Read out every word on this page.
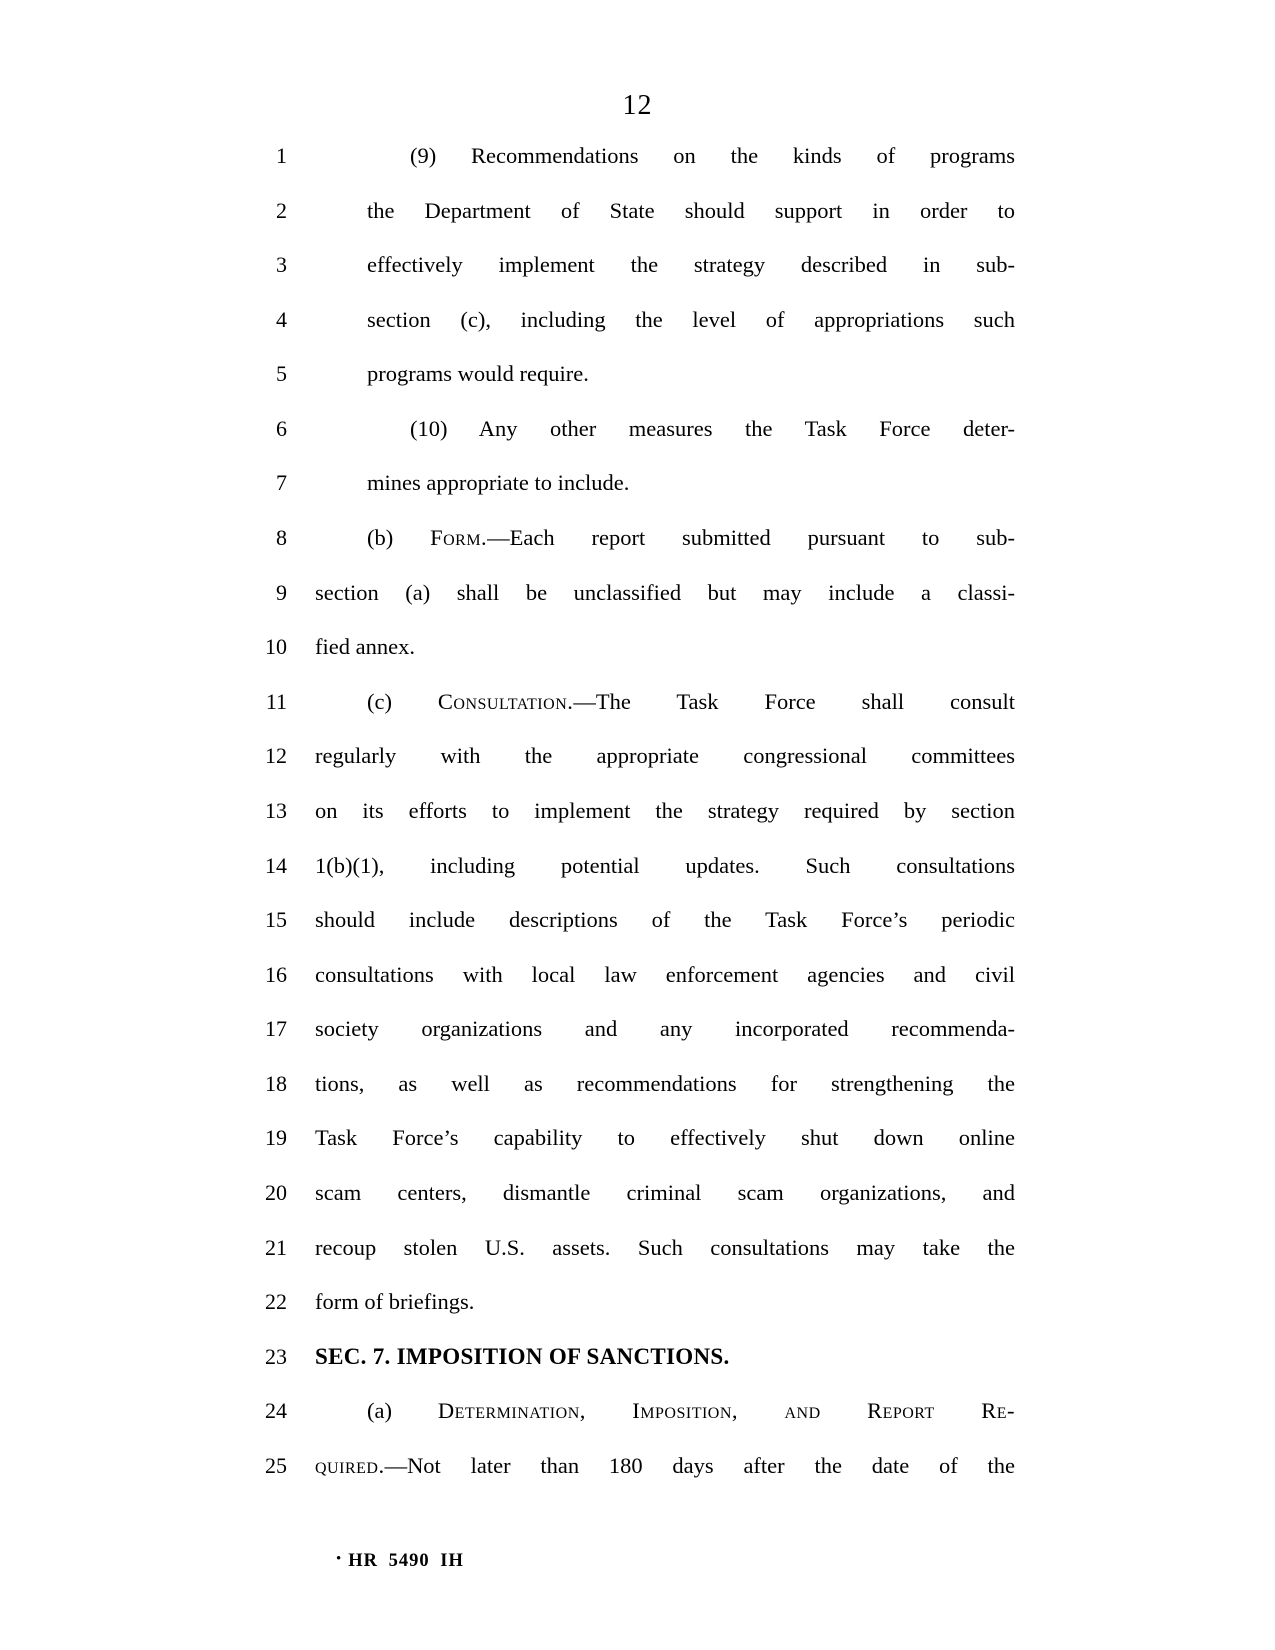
12
1	(9) Recommendations on the kinds of programs
2	the Department of State should support in order to
3	effectively implement the strategy described in sub-
4	section (c), including the level of appropriations such
5	programs would require.
6	(10) Any other measures the Task Force deter-
7	mines appropriate to include.
8	(b) Form.—Each report submitted pursuant to sub-
9 section (a) shall be unclassified but may include a classi-
10 fied annex.
11	(c) Consultation.—The Task Force shall consult
12 regularly with the appropriate congressional committees
13 on its efforts to implement the strategy required by section
14 1(b)(1), including potential updates. Such consultations
15 should include descriptions of the Task Force’s periodic
16 consultations with local law enforcement agencies and civil
17 society organizations and any incorporated recommenda-
18 tions, as well as recommendations for strengthening the
19 Task Force’s capability to effectively shut down online
20 scam centers, dismantle criminal scam organizations, and
21 recoup stolen U.S. assets. Such consultations may take the
22 form of briefings.
23 SEC. 7. IMPOSITION OF SANCTIONS.
24	(a) Determination, Imposition, and Report Re-
25 quired.—Not later than 180 days after the date of the
• HR 5490 IH
